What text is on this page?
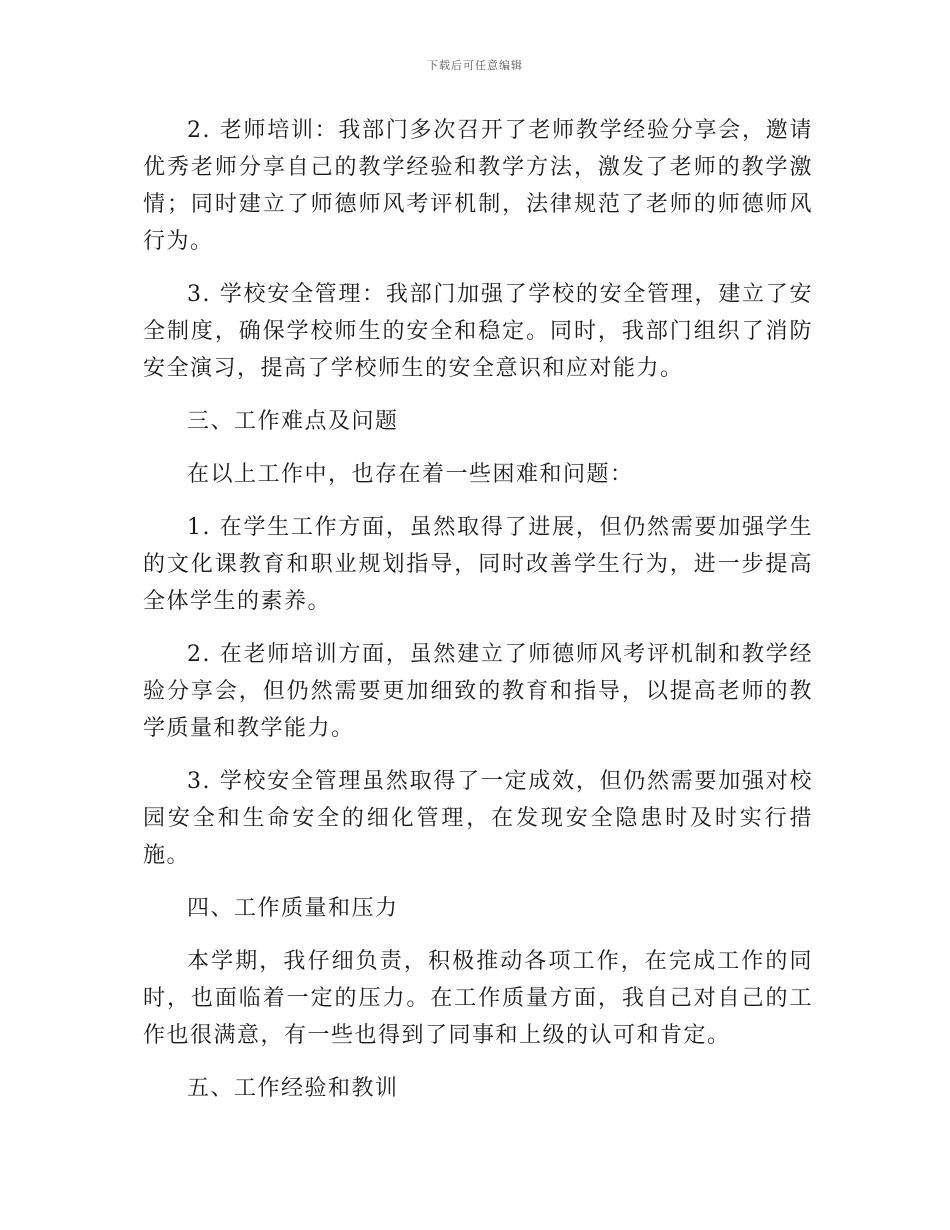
下载后可任意编辑

2. 老师培训：我部门多次召开了老师教学经验分享会，邀请优秀老师分享自己的教学经验和教学方法，激发了老师的教学激情；同时建立了师德师风考评机制，法律规范了老师的师德师风行为。

3. 学校安全管理：我部门加强了学校的安全管理，建立了安全制度，确保学校师生的安全和稳定。同时，我部门组织了消防安全演习，提高了学校师生的安全意识和应对能力。

三、工作难点及问题

在以上工作中，也存在着一些困难和问题：

1. 在学生工作方面，虽然取得了进展，但仍然需要加强学生的文化课教育和职业规划指导，同时改善学生行为，进一步提高全体学生的素养。

2. 在老师培训方面，虽然建立了师德师风考评机制和教学经验分享会，但仍然需要更加细致的教育和指导，以提高老师的教学质量和教学能力。

3. 学校安全管理虽然取得了一定成效，但仍然需要加强对校园安全和生命安全的细化管理，在发现安全隐患时及时实行措施。

四、工作质量和压力

本学期，我仔细负责，积极推动各项工作，在完成工作的同时，也面临着一定的压力。在工作质量方面，我自己对自己的工作也很满意，有一些也得到了同事和上级的认可和肯定。

五、工作经验和教训
